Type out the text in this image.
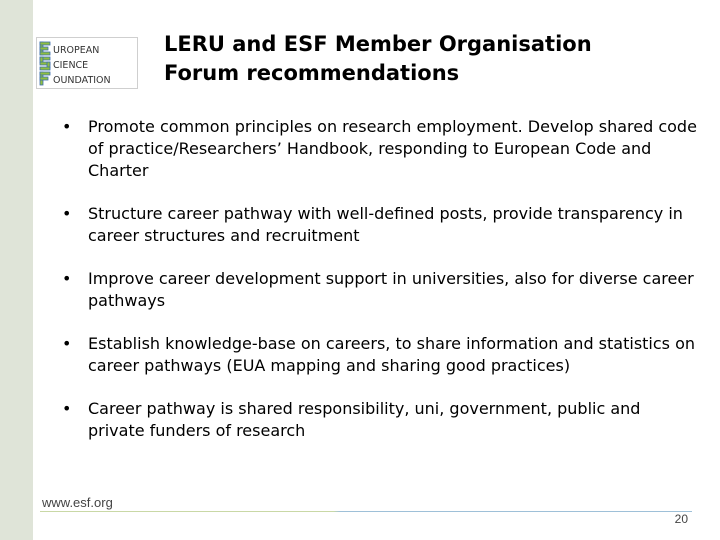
UROPEAN
CIENCE
OUNDATION
LERU and ESF Member Organisation
Forum recommendations
• Promote common principles on research employment. Develop shared code of practice/Researchers’ Handbook, responding to European Code and Charter
• Structure career pathway with well-defined posts, provide transparency in career structures and recruitment
• Improve career development support in universities, also for diverse career pathways
• Establish knowledge-base on careers, to share information and statistics on career pathways (EUA mapping and sharing good practices)
• Career pathway is shared responsibility, uni, government, public and private funders of research
www.esf.org
20
